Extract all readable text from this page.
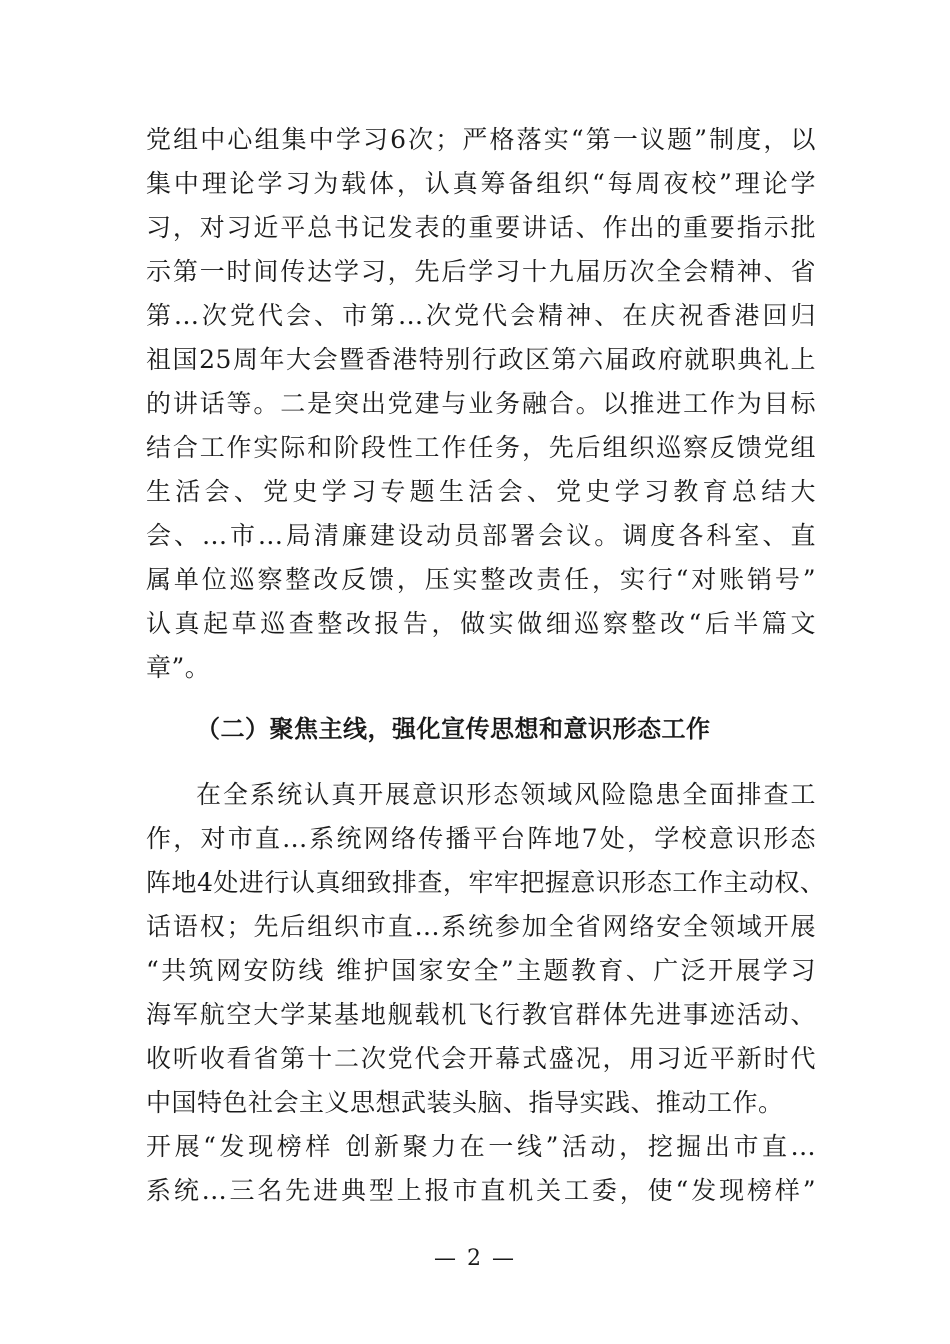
党组中心组集中学习6次；严格落实“第一议题”制度，以
集中理论学习为载体，认真筹备组织“每周夜校”理论学
习，对习近平总书记发表的重要讲话、作出的重要指示批
示第一时间传达学习，先后学习十九届历次全会精神、省
第...次党代会、市第...次党代会精神、在庆祝香港回归
祖国25周年大会暨香港特别行政区第六届政府就职典礼上
的讲话等。二是突出党建与业务融合。以推进工作为目标
结合工作实际和阶段性工作任务，先后组织巡察反馈党组
生活会、党史学习专题生活会、党史学习教育总结大
会、...市...局清廉建设动员部署会议。调度各科室、直
属单位巡察整改反馈，压实整改责任，实行“对账销号”
认真起草巡查整改报告，做实做细巡察整改“后半篇文
章”。
（二）聚焦主线，强化宣传思想和意识形态工作
在全系统认真开展意识形态领域风险隐患全面排查工
作，对市直...系统网络传播平台阵地7处，学校意识形态
阵地4处进行认真细致排查，牢牢把握意识形态工作主动权、
话语权；先后组织市直...系统参加全省网络安全领域开展
“共筑网安防线 维护国家安全”主题教育、广泛开展学习
海军航空大学某基地舰载机飞行教官群体先进事迹活动、
收听收看省第十二次党代会开幕式盛况，用习近平新时代
中国特色社会主义思想武装头脑、指导实践、推动工作。
开展“发现榜样 创新聚力在一线”活动，挖掘出市直...
系统...三名先进典型上报市直机关工委，使“发现榜样”
— 2 —
